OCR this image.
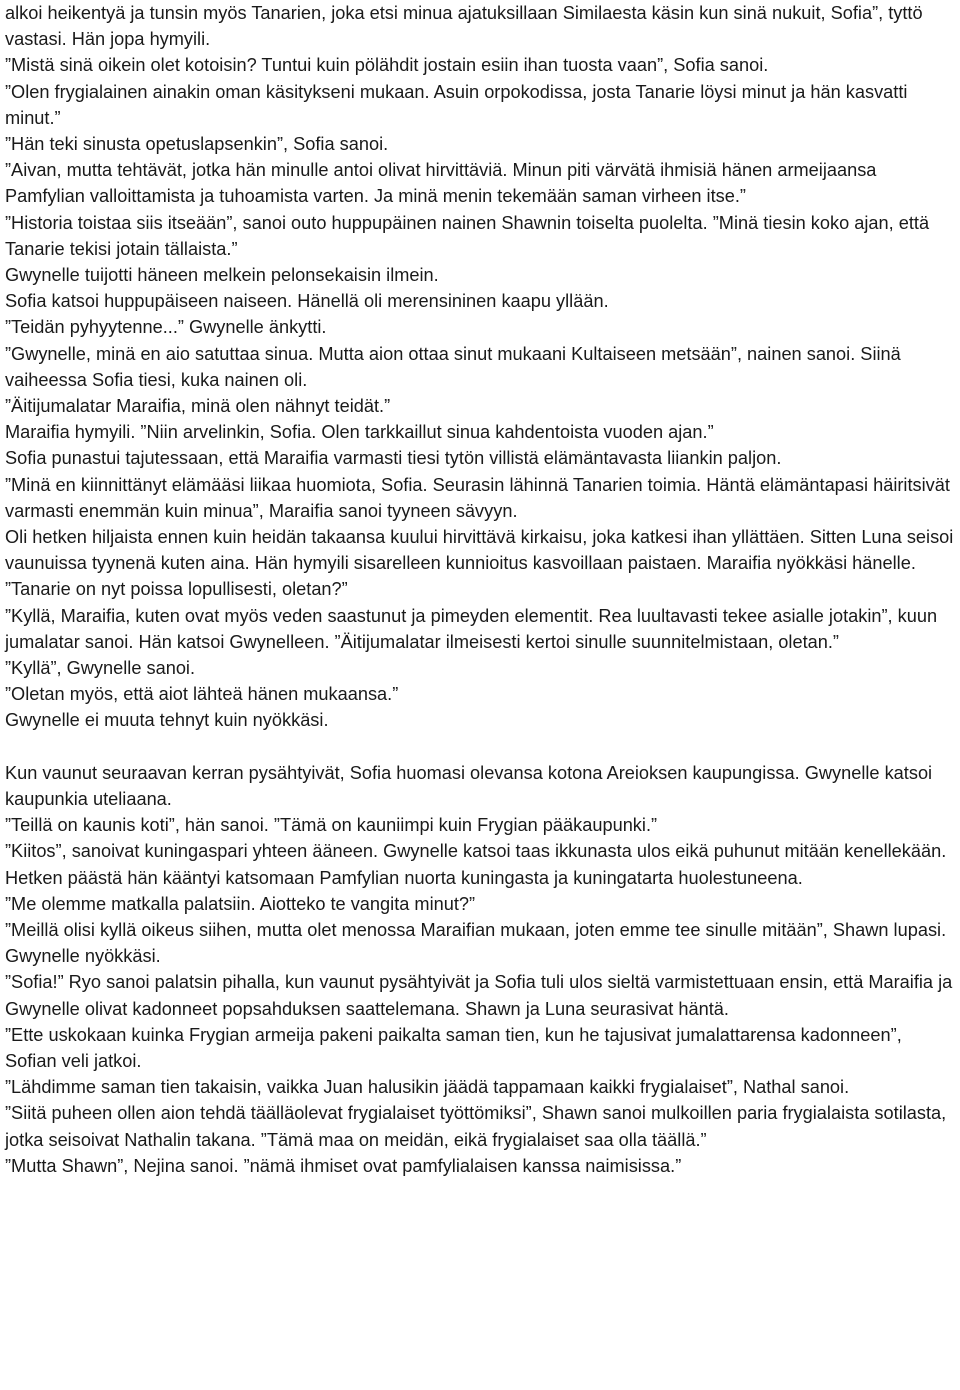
alkoi heikentyä ja tunsin myös Tanarien, joka etsi minua ajatuksillaan Similaesta käsin kun sinä nukuit, Sofia”, tyttö vastasi. Hän jopa hymyili.

”Mistä sinä oikein olet kotoisin? Tuntui kuin pölähdit jostain esiin ihan tuosta vaan”, Sofia sanoi.

”Olen frygialainen ainakin oman käsitykseni mukaan. Asuin orpokodissa, josta Tanarie löysi minut ja hän kasvatti minut.”

”Hän teki sinusta opetuslapsenkin”, Sofia sanoi.

”Aivan, mutta tehtävät, jotka hän minulle antoi olivat hirvittäviä. Minun piti värvätä ihmisiä hänen armeijaansa Pamfylian valloittamista ja tuhoamista varten. Ja minä menin tekemään saman virheen itse.”

”Historia toistaa siis itseään”, sanoi outo huppupäinen nainen Shawnin toiselta puolelta. ”Minä tiesin koko ajan, että Tanarie tekisi jotain tällaista.”

Gwynelle tuijotti häneen melkein pelonsekaisin ilmein.

Sofia katsoi huppupäiseen naiseen. Hänellä oli merensininen kaapu yllään.

”Teidän pyhyytenne...” Gwynelle änkytti.

”Gwynelle, minä en aio satuttaa sinua. Mutta aion ottaa sinut mukaani Kultaiseen metsään”, nainen sanoi. Siinä vaiheessa Sofia tiesi, kuka nainen oli.

”Äitijumalatar Maraifia, minä olen nähnyt teidät.”

Maraifia hymyili. ”Niin arvelinkin, Sofia. Olen tarkkaillut sinua kahdentoista vuoden ajan.”

Sofia punastui tajutessaan, että Maraifia varmasti tiesi tytön villistä elämäntavasta liiankin paljon.

”Minä en kiinnittänyt elämääsi liikaa huomiota, Sofia. Seurasin lähinnä Tanarien toimia. Häntä elämäntapasi häiritsivät varmasti enemmän kuin minua”, Maraifia sanoi tyyneen sävyyn.

Oli hetken hiljaista ennen kuin heidän takaansa kuului hirvittävä kirkaisu, joka katkesi ihan yllättäen. Sitten Luna seisoi vaunuissa tyynenä kuten aina. Hän hymyili sisarelleen kunnioitus kasvoillaan paistaen. Maraifia nyökkäsi hänelle.

”Tanarie on nyt poissa lopullisesti, oletan?”

”Kyllä, Maraifia, kuten ovat myös veden saastunut ja pimeyden elementit. Rea luultavasti tekee asialle jotakin”, kuun jumalatar sanoi. Hän katsoi Gwynelleen. ”Äitijumalatar ilmeisesti kertoi sinulle suunnitelmistaan, oletan.”

”Kyllä”, Gwynelle sanoi.

”Oletan myös, että aiot lähteä hänen mukaansa.”

Gwynelle ei muuta tehnyt kuin nyökkäsi.

Kun vaunut seuraavan kerran pysähtyivät, Sofia huomasi olevansa kotona Areioksen kaupungissa. Gwynelle katsoi kaupunkia uteliaana.

”Teillä on kaunis koti”, hän sanoi. ”Tämä on kauniimpi kuin Frygian pääkaupunki.”

”Kiitos”, sanoivat kuningaspari yhteen ääneen. Gwynelle katsoi taas ikkunasta ulos eikä puhunut mitään kenellekään. Hetken päästä hän kääntyi katsomaan Pamfylian nuorta kuningasta ja kuningatarta huolestuneena.

”Me olemme matkalla palatsiin. Aiotteko te vangita minut?”

”Meillä olisi kyllä oikeus siihen, mutta olet menossa Maraifian mukaan, joten emme tee sinulle mitään”, Shawn lupasi.

Gwynelle nyökkäsi.

”Sofia!” Ryo sanoi palatsin pihalla, kun vaunut pysähtyivät ja Sofia tuli ulos sieltä varmistettuaan ensin, että Maraifia ja Gwynelle olivat kadonneet popsahduksen saattelemana. Shawn ja Luna seurasivat häntä.

”Ette uskokaan kuinka Frygian armeija pakeni paikalta saman tien, kun he tajusivat jumalattarensa kadonneen”, Sofian veli jatkoi.

”Lähdimme saman tien takaisin, vaikka Juan halusikin jäädä tappamaan kaikki frygialaiset”, Nathal sanoi.

”Siitä puheen ollen aion tehdä täälläolevat frygialaiset työttömiksi”, Shawn sanoi mulkoillen paria frygialaista sotilasta, jotka seisoivat Nathalin takana. ”Tämä maa on meidän, eikä frygialaiset saa olla täällä.”

”Mutta Shawn”, Nejina sanoi. ”nämä ihmiset ovat pamfylialaisen kanssa naimisissa.”
